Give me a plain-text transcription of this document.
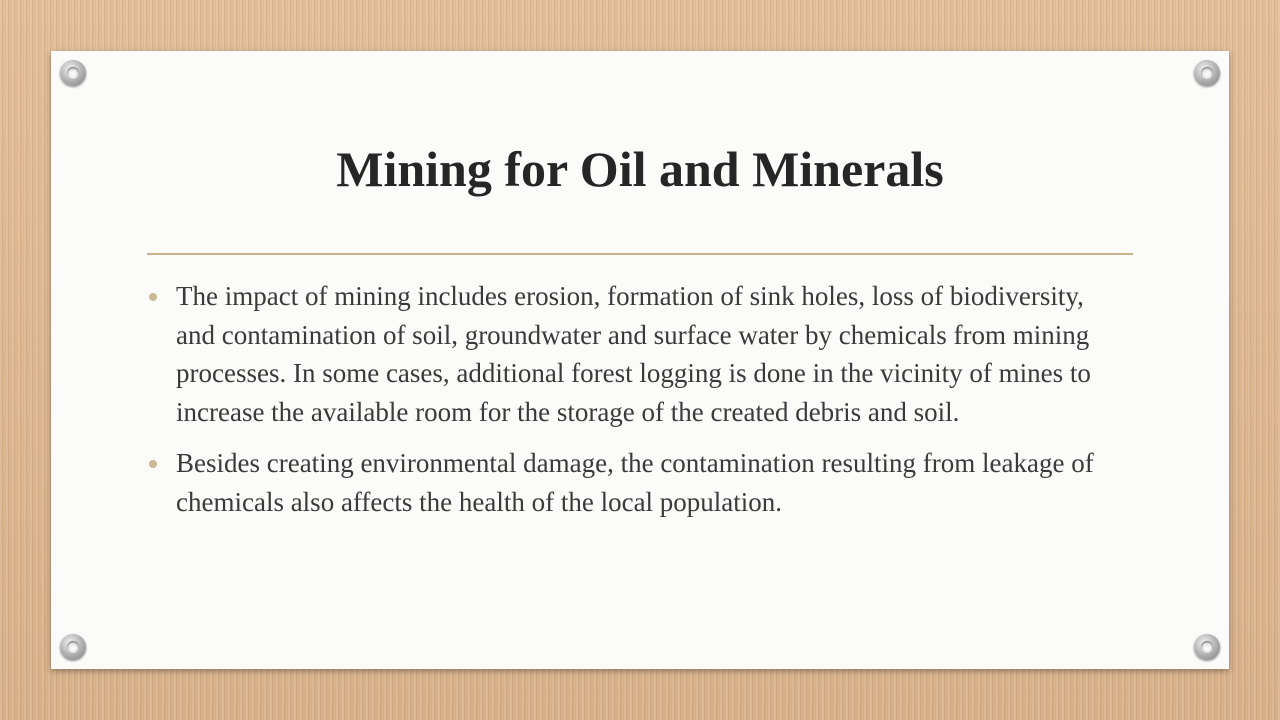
Mining for Oil and Minerals
The impact of mining includes erosion, formation of sink holes, loss of biodiversity, and contamination of soil, groundwater and surface water by chemicals from mining processes. In some cases, additional forest logging is done in the vicinity of mines to increase the available room for the storage of the created debris and soil.
Besides creating environmental damage, the contamination resulting from leakage of chemicals also affects the health of the local population.
